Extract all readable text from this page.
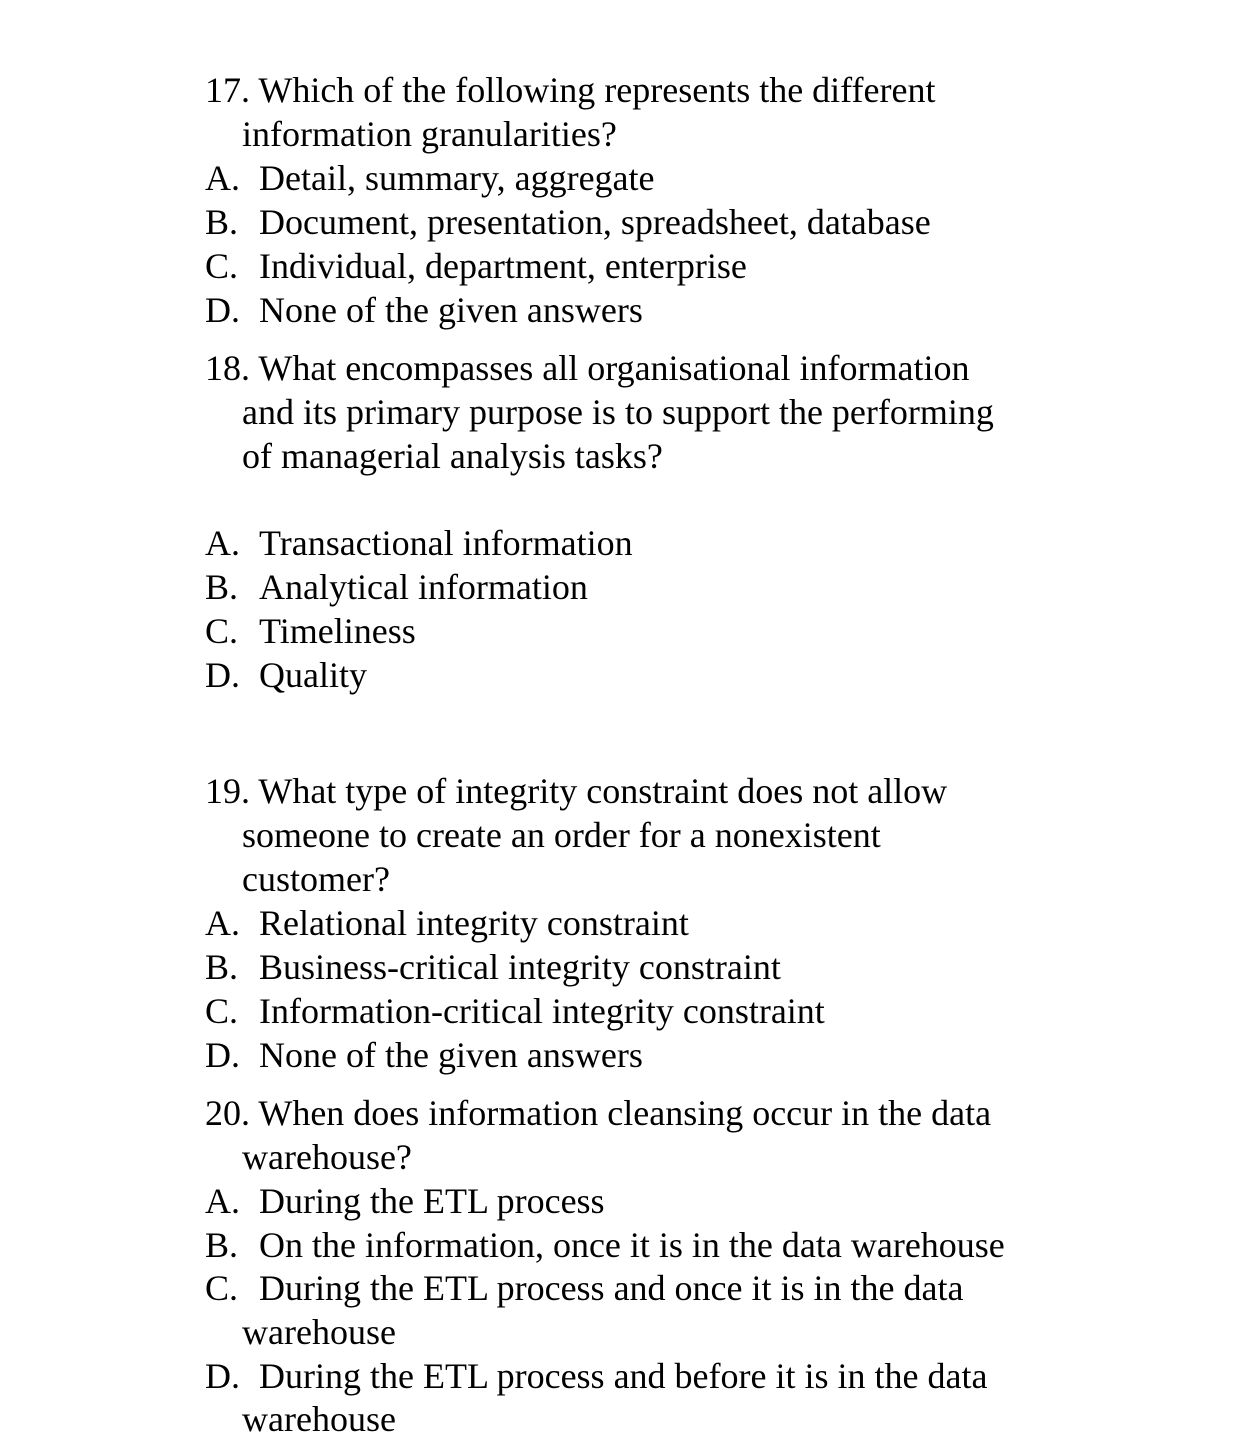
17. Which of the following represents the different
information granularities?
A. Detail, summary, aggregate
B. Document, presentation, spreadsheet, database
C. Individual, department, enterprise
D. None of the given answers
18. What encompasses all organisational information
and its primary purpose is to support the performing
of managerial analysis tasks?
A. Transactional information
B. Analytical information
C. Timeliness
D. Quality
19. What type of integrity constraint does not allow
someone to create an order for a nonexistent
customer?
A. Relational integrity constraint
B. Business-critical integrity constraint
C. Information-critical integrity constraint
D. None of the given answers
20. When does information cleansing occur in the data
warehouse?
A. During the ETL process
B. On the information, once it is in the data warehouse
C. During the ETL process and once it is in the data
warehouse
D. During the ETL process and before it is in the data
warehouse
